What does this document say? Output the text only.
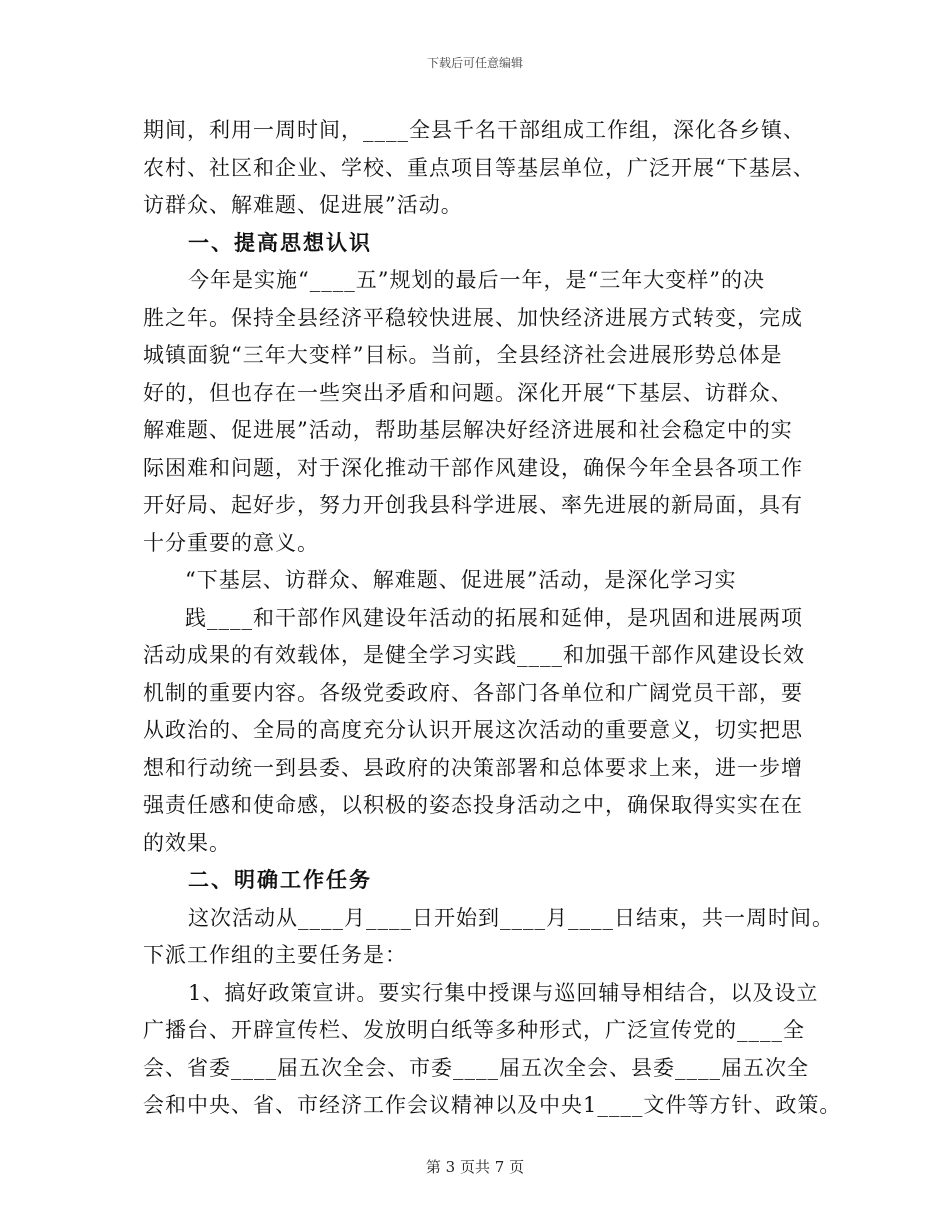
下载后可任意编辑
期间，利用一周时间，____全县千名干部组成工作组，深化各乡镇、
农村、社区和企业、学校、重点项目等基层单位，广泛开展“下基层、
访群众、解难题、促进展”活动。
一、提高思想认识
今年是实施“____五”规划的最后一年，是“三年大变样”的决
胜之年。保持全县经济平稳较快进展、加快经济进展方式转变，完成
城镇面貌“三年大变样”目标。当前，全县经济社会进展形势总体是
好的，但也存在一些突出矛盾和问题。深化开展“下基层、访群众、
解难题、促进展”活动，帮助基层解决好经济进展和社会稳定中的实
际困难和问题，对于深化推动干部作风建设，确保今年全县各项工作
开好局、起好步，努力开创我县科学进展、率先进展的新局面，具有
十分重要的意义。
“下基层、访群众、解难题、促进展”活动，是深化学习实
践____和干部作风建设年活动的拓展和延伸，是巩固和进展两项
活动成果的有效载体，是健全学习实践____和加强干部作风建设长效
机制的重要内容。各级党委政府、各部门各单位和广阔党员干部，要
从政治的、全局的高度充分认识开展这次活动的重要意义，切实把思
想和行动统一到县委、县政府的决策部署和总体要求上来，进一步增
强责任感和使命感，以积极的姿态投身活动之中，确保取得实实在在
的效果。
二、明确工作任务
这次活动从____月____日开始到____月____日结束，共一周时间。
下派工作组的主要任务是：
1、搞好政策宣讲。要实行集中授课与巡回辅导相结合，以及设立
广播台、开辟宣传栏、发放明白纸等多种形式，广泛宣传党的____全
会、省委____届五次全会、市委____届五次全会、县委____届五次全
会和中央、省、市经济工作会议精神以及中央1____文件等方针、政策。
第 3 页共 7 页
